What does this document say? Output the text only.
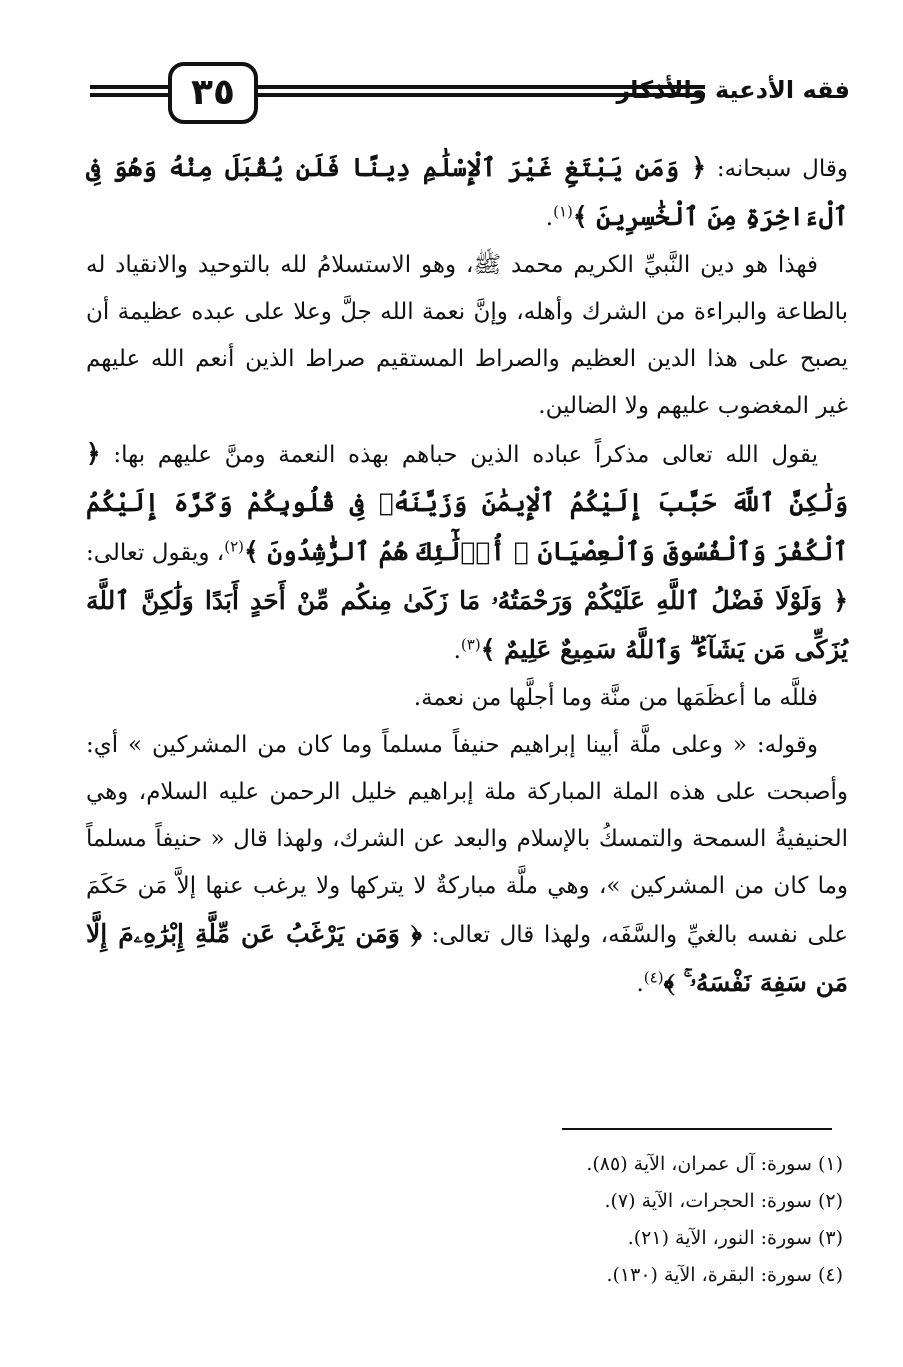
٣٥	فقه الأدعية والأذكار

وقال سبحانه: ﴿ وَمَن يَبْتَغِ غَيْرَ ٱلْإِسْلَٰمِ دِينًا فَلَن يُقْبَلَ مِنْهُ وَهُوَ فِى ٱلْءَاخِرَةِ مِنَ ٱلْخَٰسِرِينَ ﴾$^{(١)}$.

فهذا هو دين النَّبيِّ الكريم محمد ﷺ، وهو الاستسلامُ لله بالتوحيد والانقياد له بالطاعة والبراءة من الشرك وأهله، وإنَّ نعمة الله جلَّ وعلا على عبده عظيمة أن يصبح على هذا الدين العظيم والصراط المستقيم صراط الذين أنعم الله عليهم غير المغضوب عليهم ولا الضالين.

يقول الله تعالى مذكراً عباده الذين حباهم بهذه النعمة ومنَّ عليهم بها: ﴿ وَلَٰكِنَّ ٱللَّهَ حَبَّبَ إِلَيْكُمُ ٱلْإِيمَٰنَ وَزَيَّنَهُۥ فِى قُلُوبِكُمْ وَكَرَّهَ إِلَيْكُمُ ٱلْكُفْرَ وَٱلْفُسُوقَ وَٱلْعِصْيَانَ ۚ أُو۟لَٰٓئِكَ هُمُ ٱلرَّٰشِدُونَ ﴾$^{(٢)}$، ويقول تعالى: ﴿ وَلَوْلَا فَضْلُ ٱللَّهِ عَلَيْكُمْ وَرَحْمَتُهُۥ مَا زَكَىٰ مِنكُم مِّنْ أَحَدٍ أَبَدًا وَلَٰكِنَّ ٱللَّهَ يُزَكِّى مَن يَشَآءُ ۗ وَٱللَّهُ سَمِيعٌ عَلِيمٌ ﴾$^{(٣)}$.

فللَّه ما أعظَمَها من منَّة وما أجلَّها من نعمة.

وقوله: « وعلى ملَّة أبينا إبراهيم حنيفاً مسلماً وما كان من المشركين » أي: وأصبحت على هذه الملة المباركة ملة إبراهيم خليل الرحمن عليه السلام، وهي الحنيفيةُ السمحة والتمسكُ بالإسلام والبعد عن الشرك، ولهذا قال « حنيفاً مسلماً وما كان من المشركين »، وهي ملَّة مباركةٌ لا يتركها ولا يرغب عنها إلاَّ مَن حَكَمَ على نفسه بالغيِّ والسَّفَه، ولهذا قال تعالى: ﴿ وَمَن يَرْغَبُ عَن مِّلَّةِ إِبْرَٰهِۦمَ إِلَّا مَن سَفِهَ نَفْسَهُۥ ۚ ﴾$^{(٤)}$.

(١) سورة: آل عمران، الآية (٨٥).
(٢) سورة: الحجرات، الآية (٧).
(٣) سورة: النور، الآية (٢١).
(٤) سورة: البقرة، الآية (١٣٠).
